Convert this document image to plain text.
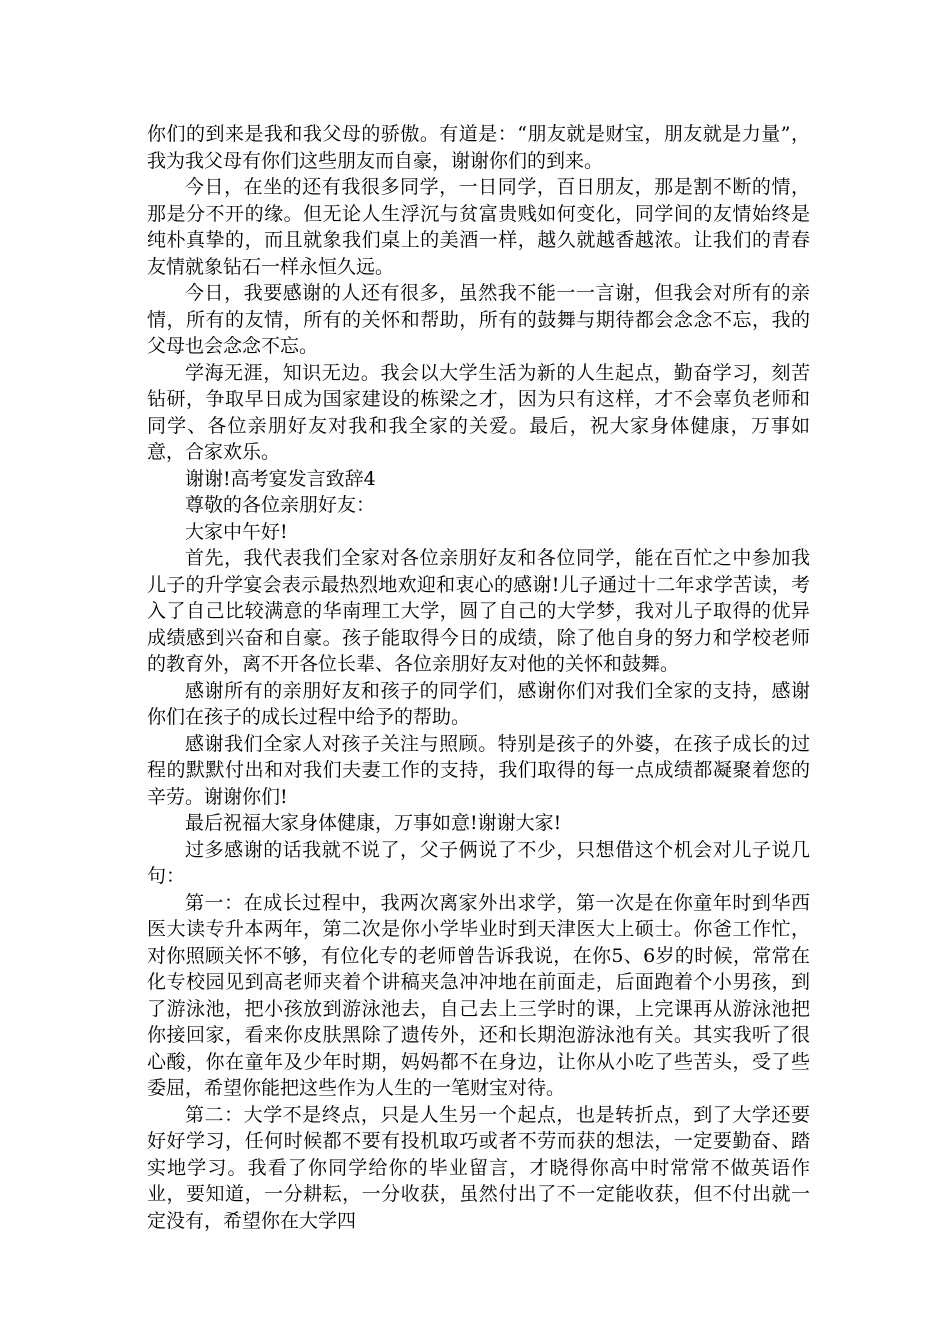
你们的到来是我和我父母的骄傲。有道是：“朋友就是财宝，朋友就是力量”，我为我父母有你们这些朋友而自豪，谢谢你们的到来。

今日，在坐的还有我很多同学，一日同学，百日朋友，那是割不断的情，那是分不开的缘。但无论人生浮沉与贫富贵贱如何变化，同学间的友情始终是纯朴真挚的，而且就象我们桌上的美酒一样，越久就越香越浓。让我们的青春友情就象钻石一样永恒久远。

今日，我要感谢的人还有很多，虽然我不能一一言谢，但我会对所有的亲情，所有的友情，所有的关怀和帮助，所有的鼓舞与期待都会念念不忘，我的父母也会念念不忘。

学海无涯，知识无边。我会以大学生活为新的人生起点，勤奋学习，刻苦钻研，争取早日成为国家建设的栋梁之才，因为只有这样，才不会辜负老师和同学、各位亲朋好友对我和我全家的关爱。最后，祝大家身体健康，万事如意，合家欢乐。

谢谢!高考宴发言致辞4

尊敬的各位亲朋好友：

大家中午好!

首先，我代表我们全家对各位亲朋好友和各位同学，能在百忙之中参加我儿子的升学宴会表示最热烈地欢迎和衷心的感谢!儿子通过十二年求学苦读，考入了自己比较满意的华南理工大学，圆了自己的大学梦，我对儿子取得的优异成绩感到兴奋和自豪。孩子能取得今日的成绩，除了他自身的努力和学校老师的教育外，离不开各位长辈、各位亲朋好友对他的关怀和鼓舞。

感谢所有的亲朋好友和孩子的同学们，感谢你们对我们全家的支持，感谢你们在孩子的成长过程中给予的帮助。

感谢我们全家人对孩子关注与照顾。特别是孩子的外婆，在孩子成长的过程的默默付出和对我们夫妻工作的支持，我们取得的每一点成绩都凝聚着您的辛劳。谢谢你们!

最后祝福大家身体健康，万事如意!谢谢大家!

过多感谢的话我就不说了，父子俩说了不少，只想借这个机会对儿子说几句：

第一：在成长过程中，我两次离家外出求学，第一次是在你童年时到华西医大读专升本两年，第二次是你小学毕业时到天津医大上硕士。你爸工作忙，对你照顾关怀不够，有位化专的老师曾告诉我说，在你5、6岁的时候，常常在化专校园见到高老师夹着个讲稿夹急冲冲地在前面走，后面跑着个小男孩，到了游泳池，把小孩放到游泳池去，自己去上三学时的课，上完课再从游泳池把你接回家，看来你皮肤黑除了遗传外，还和长期泡游泳池有关。其实我听了很心酸，你在童年及少年时期，妈妈都不在身边，让你从小吃了些苦头，受了些委屈，希望你能把这些作为人生的一笔财宝对待。

第二：大学不是终点，只是人生另一个起点，也是转折点，到了大学还要好好学习，任何时候都不要有投机取巧或者不劳而获的想法，一定要勤奋、踏实地学习。我看了你同学给你的毕业留言，才晓得你高中时常常不做英语作业，要知道，一分耕耘，一分收获，虽然付出了不一定能收获，但不付出就一定没有，希望你在大学四
